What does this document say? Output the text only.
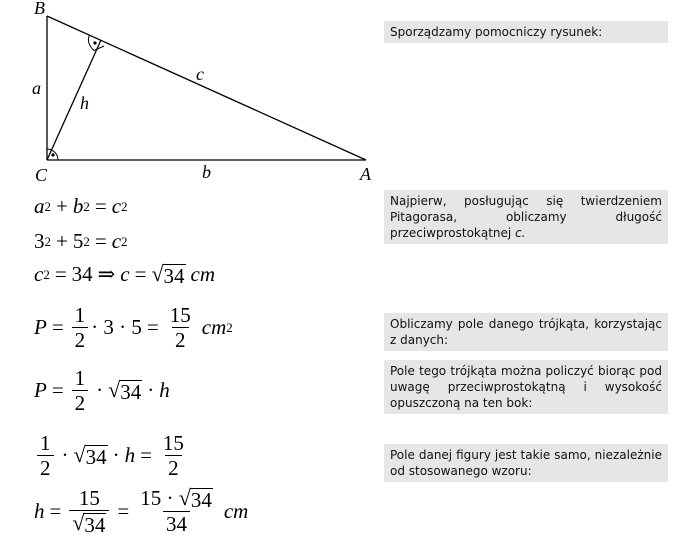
B
C	A
a
b
c
h
Sporządzamy pomocniczy rysunek:
Najpierw, posługując się twierdzeniem Pitagorasa, obliczamy długość przeciwprostokątnej c.
Obliczamy pole danego trójkąta, korzystając z danych:
Pole tego trójkąta można policzyć biorąc pod uwagę przeciwprostokątną i wysokość opuszczoną na ten bok:
Pole danej figury jest takie samo, niezależnie od stosowanego wzoru:
a 2 + b 2 = c 2
3 2 + 5 2 = c 2
c 2 = 34 ⇒ c = √ 34 cm
$P = \frac{1}{2} \cdot 3 \cdot 5 = \frac{15}{2}$ cm 2
$P = \frac{1}{2}$ · √ 34 · h
$\frac{1}{2}$ · √ $34 \cdot h = \frac{15}{2}$
$h = \frac{15}{√ 34} = \frac{15 \cdot √ 34}{34}$ cm
